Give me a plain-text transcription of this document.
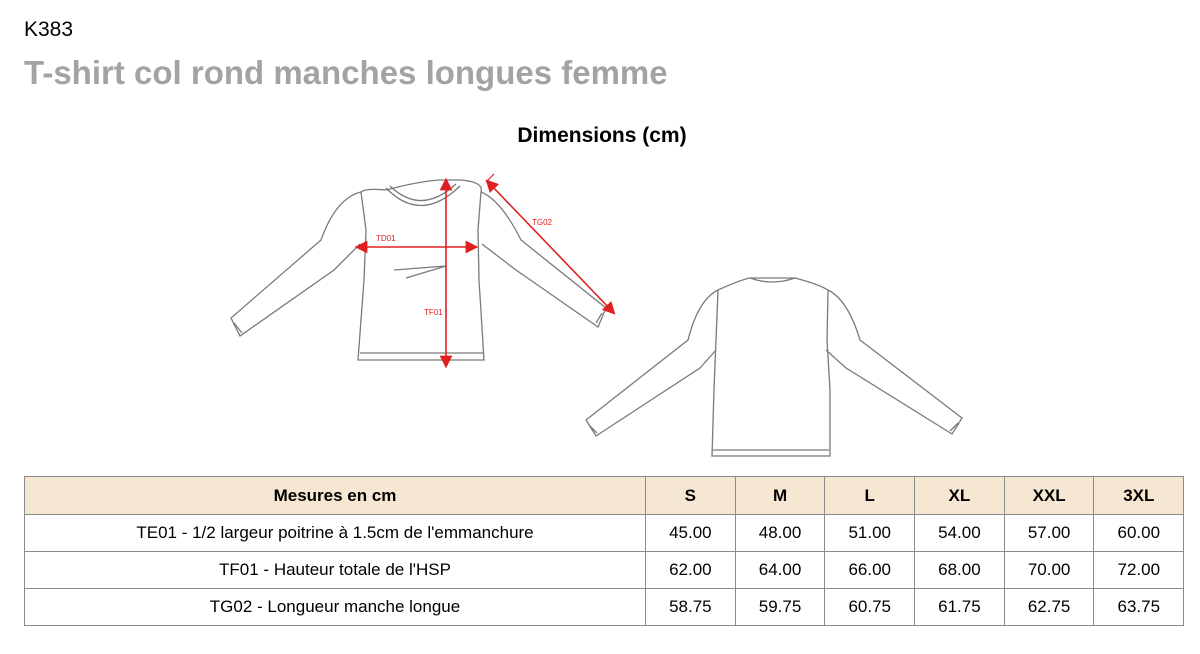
K383
T-shirt col rond manches longues femme
Dimensions (cm)
TD01
TF01
TG02
Mesures en cm	S	M	L	XL	XXL	3XL
TE01 - 1/2 largeur poitrine à 1.5cm de l'emmanchure	45.00	48.00	51.00	54.00	57.00	60.00
TF01 - Hauteur totale de l'HSP	62.00	64.00	66.00	68.00	70.00	72.00
TG02 - Longueur manche longue	58.75	59.75	60.75	61.75	62.75	63.75
